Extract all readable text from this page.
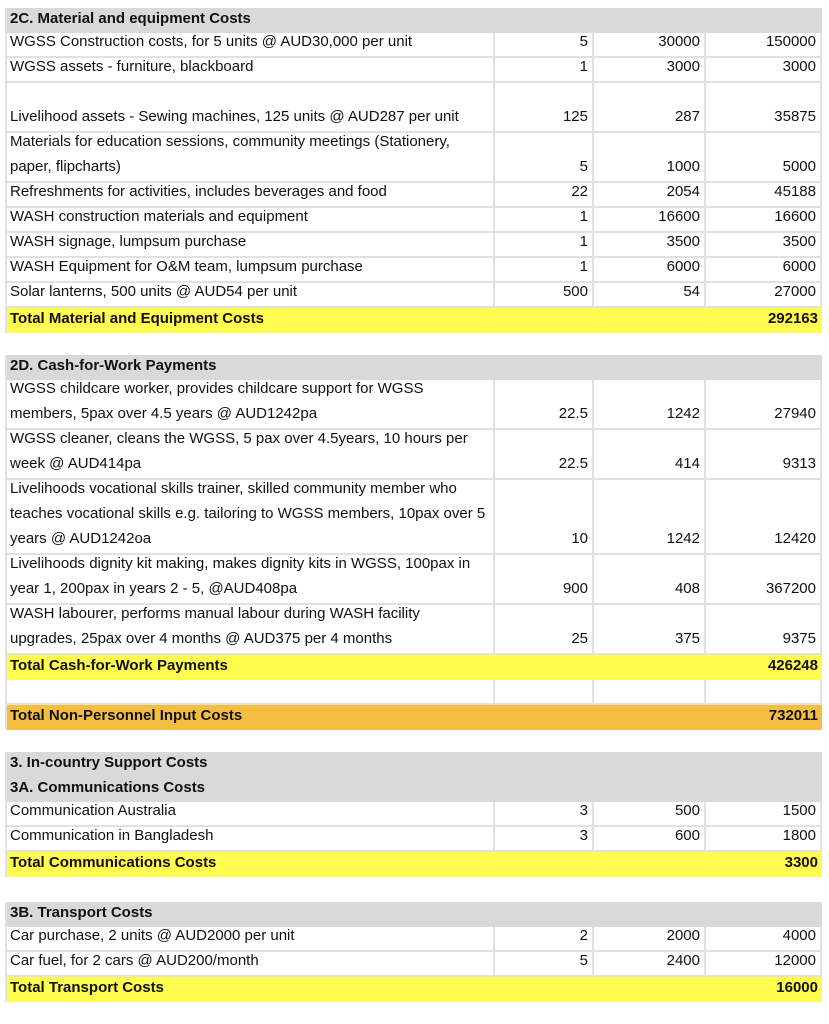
2C. Material and equipment Costs
WGSS Construction costs, for 5 units @ AUD30,000 per unit	5	30000	150000
WGSS assets - furniture, blackboard	1	3000	3000
Livelihood assets - Sewing machines, 125 units @ AUD287 per unit	125	287	35875
Materials for education sessions, community meetings (Stationery, paper, flipcharts)	5	1000	5000
Refreshments for activities, includes beverages and food	22	2054	45188
WASH construction materials and equipment	1	16600	16600
WASH signage, lumpsum purchase	1	3500	3500
WASH Equipment for O&M team, lumpsum purchase	1	6000	6000
Solar lanterns, 500 units @ AUD54 per unit	500	54	27000
Total Material and Equipment Costs	292163
2D. Cash-for-Work Payments
WGSS childcare worker, provides childcare support for WGSS members, 5pax over 4.5 years @ AUD1242pa	22.5	1242	27940
WGSS cleaner, cleans the WGSS, 5 pax over 4.5years, 10 hours per week @ AUD414pa	22.5	414	9313
Livelihoods vocational skills trainer, skilled community member who teaches vocational skills e.g. tailoring to WGSS members, 10pax over 5 years @ AUD1242oa	10	1242	12420
Livelihoods dignity kit making, makes dignity kits in WGSS, 100pax in year 1, 200pax in years 2 - 5, @AUD408pa	900	408	367200
WASH labourer, performs manual labour during WASH facility upgrades, 25pax over 4 months @ AUD375 per 4 months	25	375	9375
Total Cash-for-Work Payments	426248
Total Non-Personnel Input Costs	732011
3. In-country Support Costs
3A. Communications Costs
Communication Australia	3	500	1500
Communication in Bangladesh	3	600	1800
Total Communications Costs	3300
3B. Transport Costs
Car purchase, 2 units @ AUD2000 per unit	2	2000	4000
Car fuel, for 2 cars @ AUD200/month	5	2400	12000
Total Transport Costs	16000
